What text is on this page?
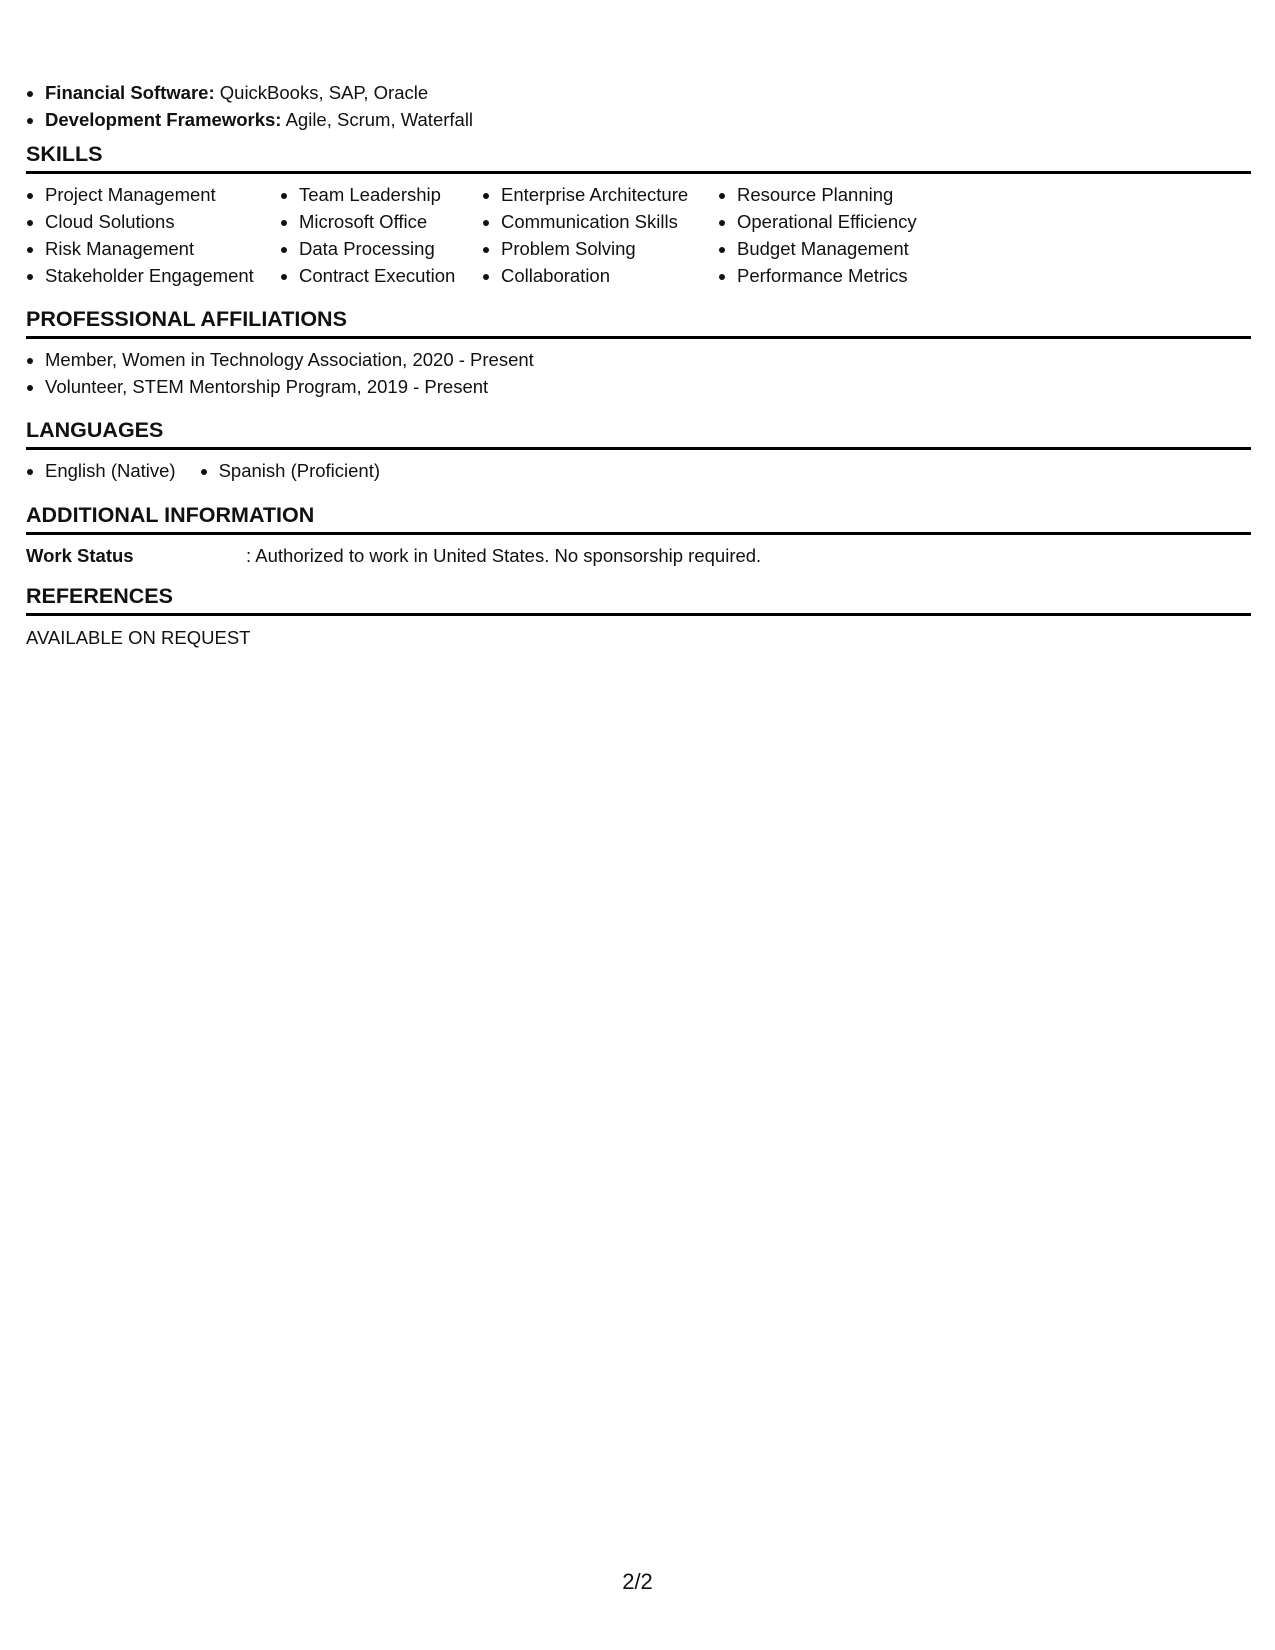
Financial Software: QuickBooks, SAP, Oracle
Development Frameworks: Agile, Scrum, Waterfall
SKILLS
Project Management
Cloud Solutions
Risk Management
Stakeholder Engagement
Team Leadership
Microsoft Office
Data Processing
Contract Execution
Enterprise Architecture
Communication Skills
Problem Solving
Collaboration
Resource Planning
Operational Efficiency
Budget Management
Performance Metrics
PROFESSIONAL AFFILIATIONS
Member, Women in Technology Association, 2020 - Present
Volunteer, STEM Mentorship Program, 2019 - Present
LANGUAGES
English (Native)	Spanish (Proficient)
ADDITIONAL INFORMATION
Work Status	: Authorized to work in United States. No sponsorship required.
REFERENCES
AVAILABLE ON REQUEST
2/2
